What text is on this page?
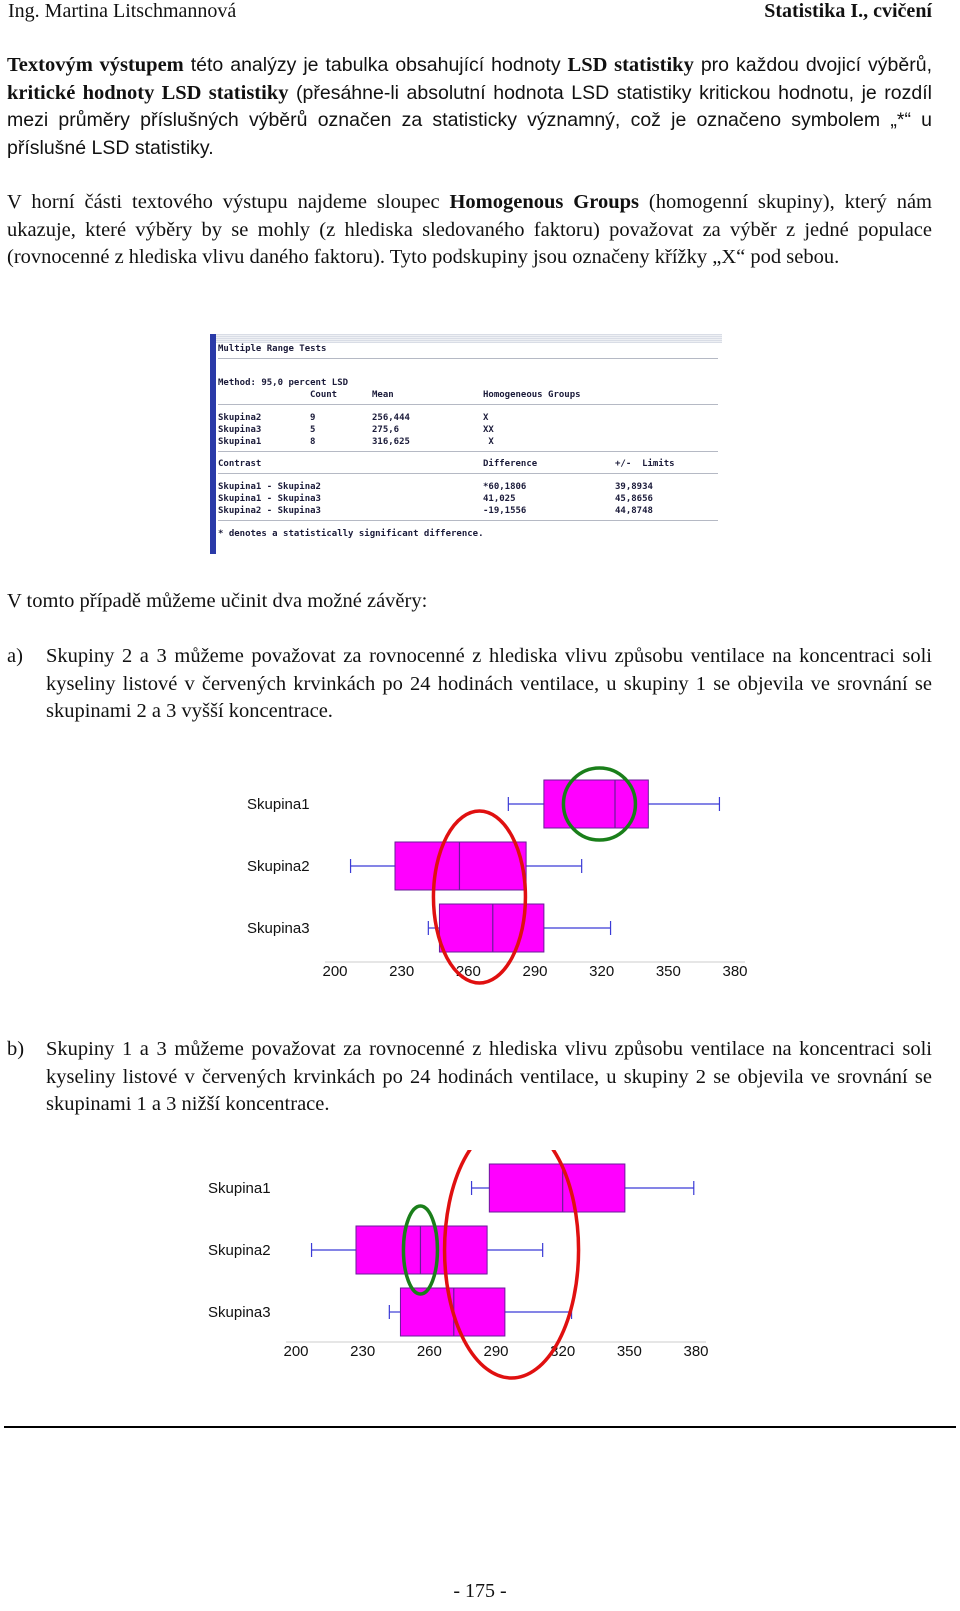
Ing. Martina Litschmannová	Statistika I., cvičení
Textovým výstupem této analýzy je tabulka obsahující hodnoty LSD statistiky pro každou dvojicí výběrů, kritické hodnoty LSD statistiky (přesáhne-li absolutní hodnota LSD statistiky kritickou hodnotu, je rozdíl mezi průměry příslušných výběrů označen za statisticky významný, což je označeno symbolem „*“ u příslušné LSD statistiky.
V horní části textového výstupu najdeme sloupec Homogenous Groups (homogenní skupiny), který nám ukazuje, které výběry by se mohly (z hlediska sledovaného faktoru) považovat za výběr z jedné populace (rovnocenné z hlediska vlivu daného faktoru). Tyto podskupiny jsou označeny křížky „X“ pod sebou.
Multiple Range Tests
Method: 95,0 percent LSD
Count	Mean	Homogeneous Groups
Skupina2	9	256,444	X
Skupina3	5	275,6	XX
Skupina1	8	316,625	X
Contrast	Difference	+/-  Limits
Skupina1 - Skupina2	*60,1806	39,8934
Skupina1 - Skupina3	41,025	45,8656
Skupina2 - Skupina3	-19,1556	44,8748
* denotes a statistically significant difference.
V tomto případě můžeme učinit dva možné závěry:
a) Skupiny 2 a 3 můžeme považovat za rovnocenné z hlediska vlivu způsobu ventilace na koncentraci soli kyseliny listové v červených krvinkách po 24 hodinách ventilace, u skupiny 1 se objevila ve srovnání se skupinami 2 a 3 vyšší koncentrace.
200	230	260	290	320	350	380
Skupina1
Skupina2
Skupina3
b) Skupiny 1 a 3 můžeme považovat za rovnocenné z hlediska vlivu způsobu ventilace na koncentraci soli kyseliny listové v červených krvinkách po 24 hodinách ventilace, u skupiny 2 se objevila ve srovnání se skupinami 1 a 3 nižší koncentrace.
200	230	260	290	320	350	380
Skupina1
Skupina2
Skupina3
- 175 -
